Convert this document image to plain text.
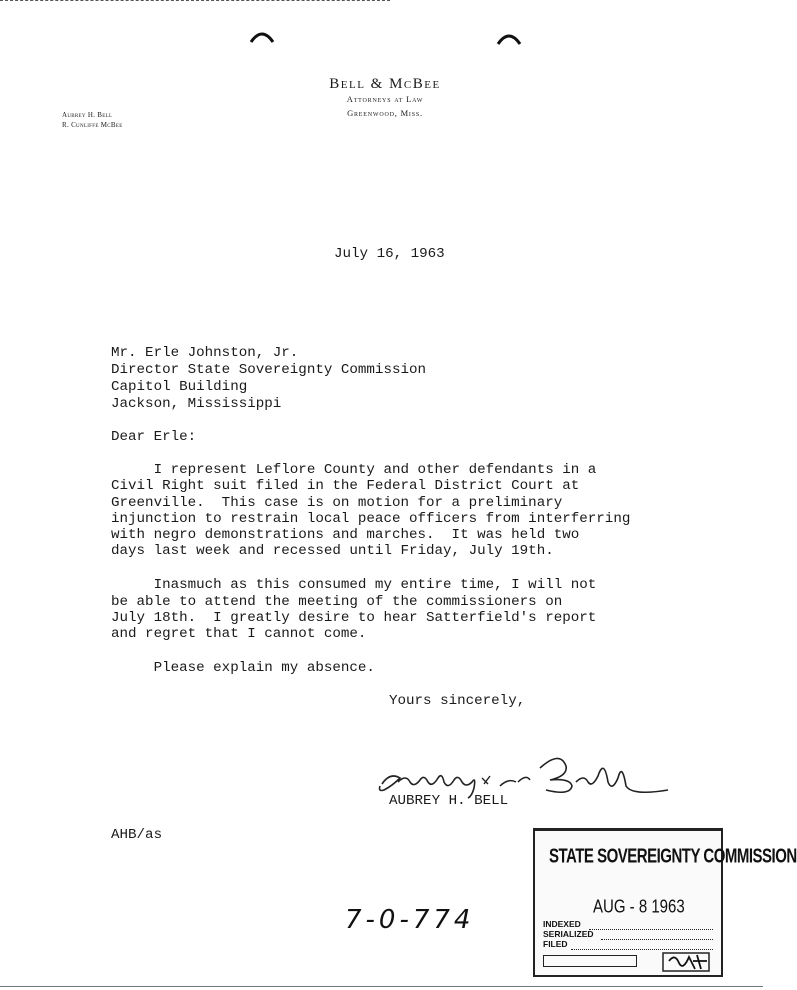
Bell & McBee
Attorneys at Law
Greenwood, Miss.
Aubrey H. Bell
R. Cunliffe McBee
July 16, 1963
Mr. Erle Johnston, Jr.
Director State Sovereignty Commission
Capitol Building
Jackson, Mississippi
Dear Erle:
I represent Leflore County and other defendants in a
Civil Right suit filed in the Federal District Court at
Greenville.  This case is on motion for a preliminary
injunction to restrain local peace officers from interferring
with negro demonstrations and marches.  It was held two
days last week and recessed until Friday, July 19th.
Inasmuch as this consumed my entire time, I will not
be able to attend the meeting of the commissioners on
July 18th.  I greatly desire to hear Satterfield's report
and regret that I cannot come.
Please explain my absence.
Yours sincerely,
AUBREY H. BELL
AHB/as
7-0-774
STATE SOVEREIGNTY COMMISSION
AUG - 8 1963
INDEXED
SERIALIZED
FILED
